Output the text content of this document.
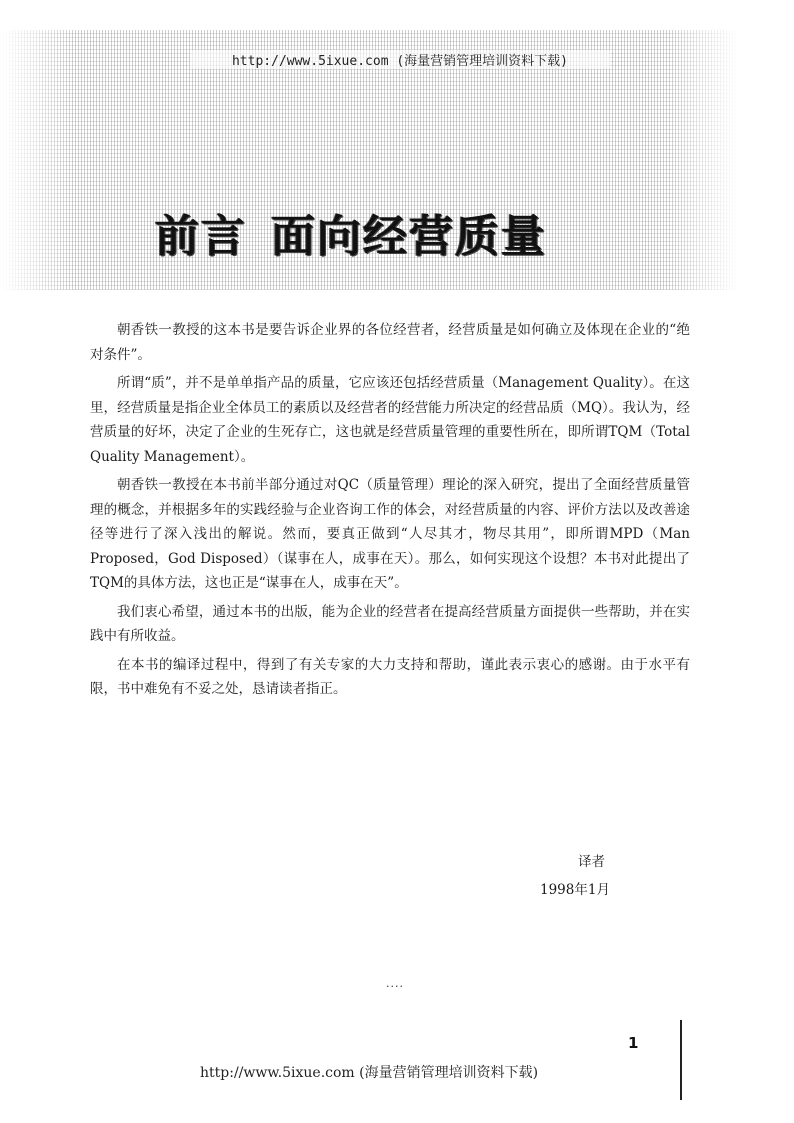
http://www.5ixue.com (海量营销管理培训资料下载)
前言 面向经营质量

朝香铁一教授的这本书是要告诉企业界的各位经营者，经营质量是如何确立及体现在企业的“绝对条件”。

所谓“质”，并不是单单指产品的质量，它应该还包括经营质量（Management Quality）。在这里，经营质量是指企业全体员工的素质以及经营者的经营能力所决定的经营品质（MQ）。我认为，经营质量的好坏，决定了企业的生死存亡，这也就是经营质量管理的重要性所在，即所谓TQM（Total Quality Management）。

朝香铁一教授在本书前半部分通过对QC（质量管理）理论的深入研究，提出了全面经营质量管理的概念，并根据多年的实践经验与企业咨询工作的体会，对经营质量的内容、评价方法以及改善途径等进行了深入浅出的解说。然而，要真正做到“人尽其才，物尽其用”，即所谓MPD（Man Proposed，God Disposed）（谋事在人，成事在天）。那么，如何实现这个设想？本书对此提出了TQM的具体方法，这也正是“谋事在人，成事在天”。

我们衷心希望，通过本书的出版，能为企业的经营者在提高经营质量方面提供一些帮助，并在实践中有所收益。

在本书的编译过程中，得到了有关专家的大力支持和帮助，谨此表示衷心的感谢。由于水平有限，书中难免有不妥之处，恳请读者指正。

译者
1998年1月
····
1
http://www.5ixue.com (海量营销管理培训资料下载)
